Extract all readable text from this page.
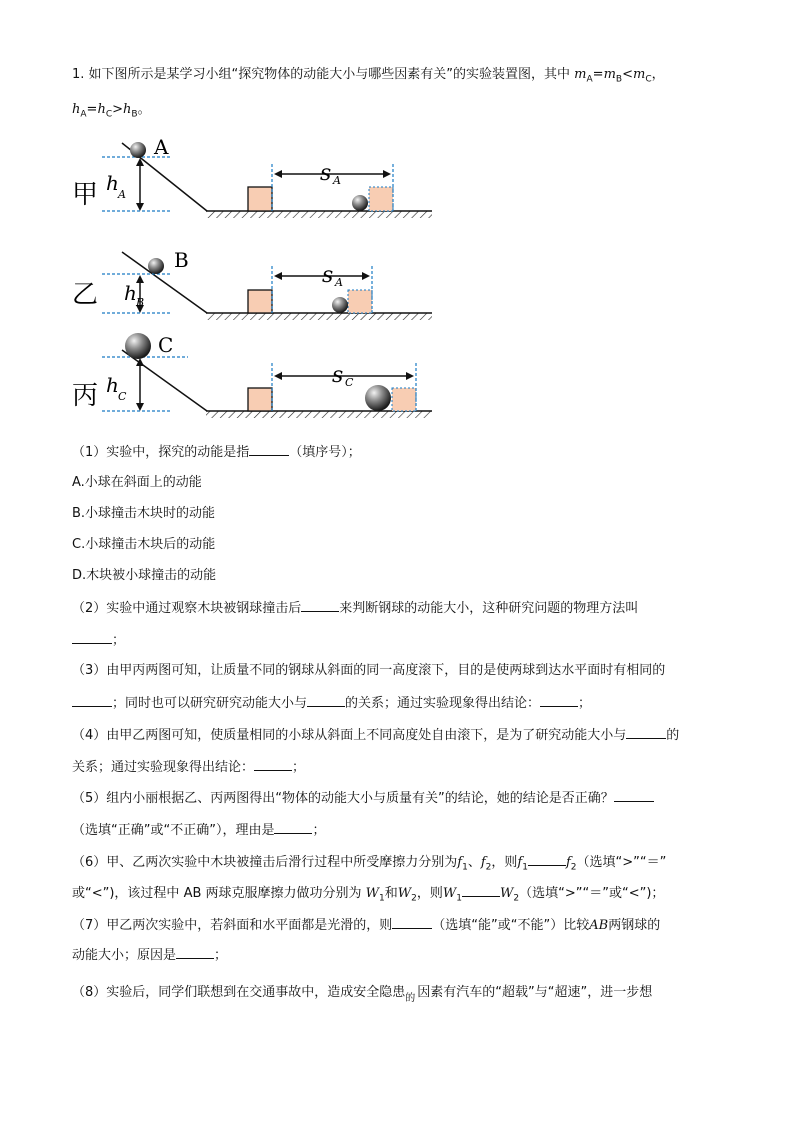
1. 如下图所示是某学习小组“探究物体的动能大小与哪些因素有关”的实验装置图，其中 $m_A=m_B<m_C$，
$h_A=h_C>h_B$。
甲 h A
A
s A
乙 h B
B
s A
丙 h C
C
s C
（1）实验中，探究的动能是指	（填序号）；
A.小球在斜面上的动能
B.小球撞击木块时的动能
C.小球撞击木块后的动能
D.木块被小球撞击的动能
（2）实验中通过观察木块被钢球撞击后	来判断钢球的动能大小，这种研究问题的物理方法叫
；
（3）由甲丙两图可知，让质量不同的钢球从斜面的同一高度滚下，目的是使两球到达水平面时有相同的
；同时也可以研究研究动能大小与	的关系；通过实验现象得出结论：	；
（4）由甲乙两图可知，使质量相同的小球从斜面上不同高度处自由滚下，是为了研究动能大小与	的
关系；通过实验现象得出结论：	；
（5）组内小丽根据乙、丙两图得出“物体的动能大小与质量有关”的结论，她的结论是否正确？
（选填“正确”或“不正确”），理由是	；
（6）甲、乙两次实验中木块被撞击后滑行过程中所受摩擦力分别为$f_1$、$f_2$，则$f_1$	$f_2$（选填“>”“＝”
或“<”)，该过程中 AB 两球克服摩擦力做功分别为 $W_1$和$W_2$，则$W_1$	$W_2$（选填“>”“＝”或“<”)；
（7）甲乙两次实验中，若斜面和水平面都是光滑的，则	（选填“能”或“不能”）比较AB两钢球的
动能大小；原因是	；
（8）实验后，同学们联想到在交通事故中，造成安全隐患 的 因素有汽车的“超载”与“超速”，进一步想
